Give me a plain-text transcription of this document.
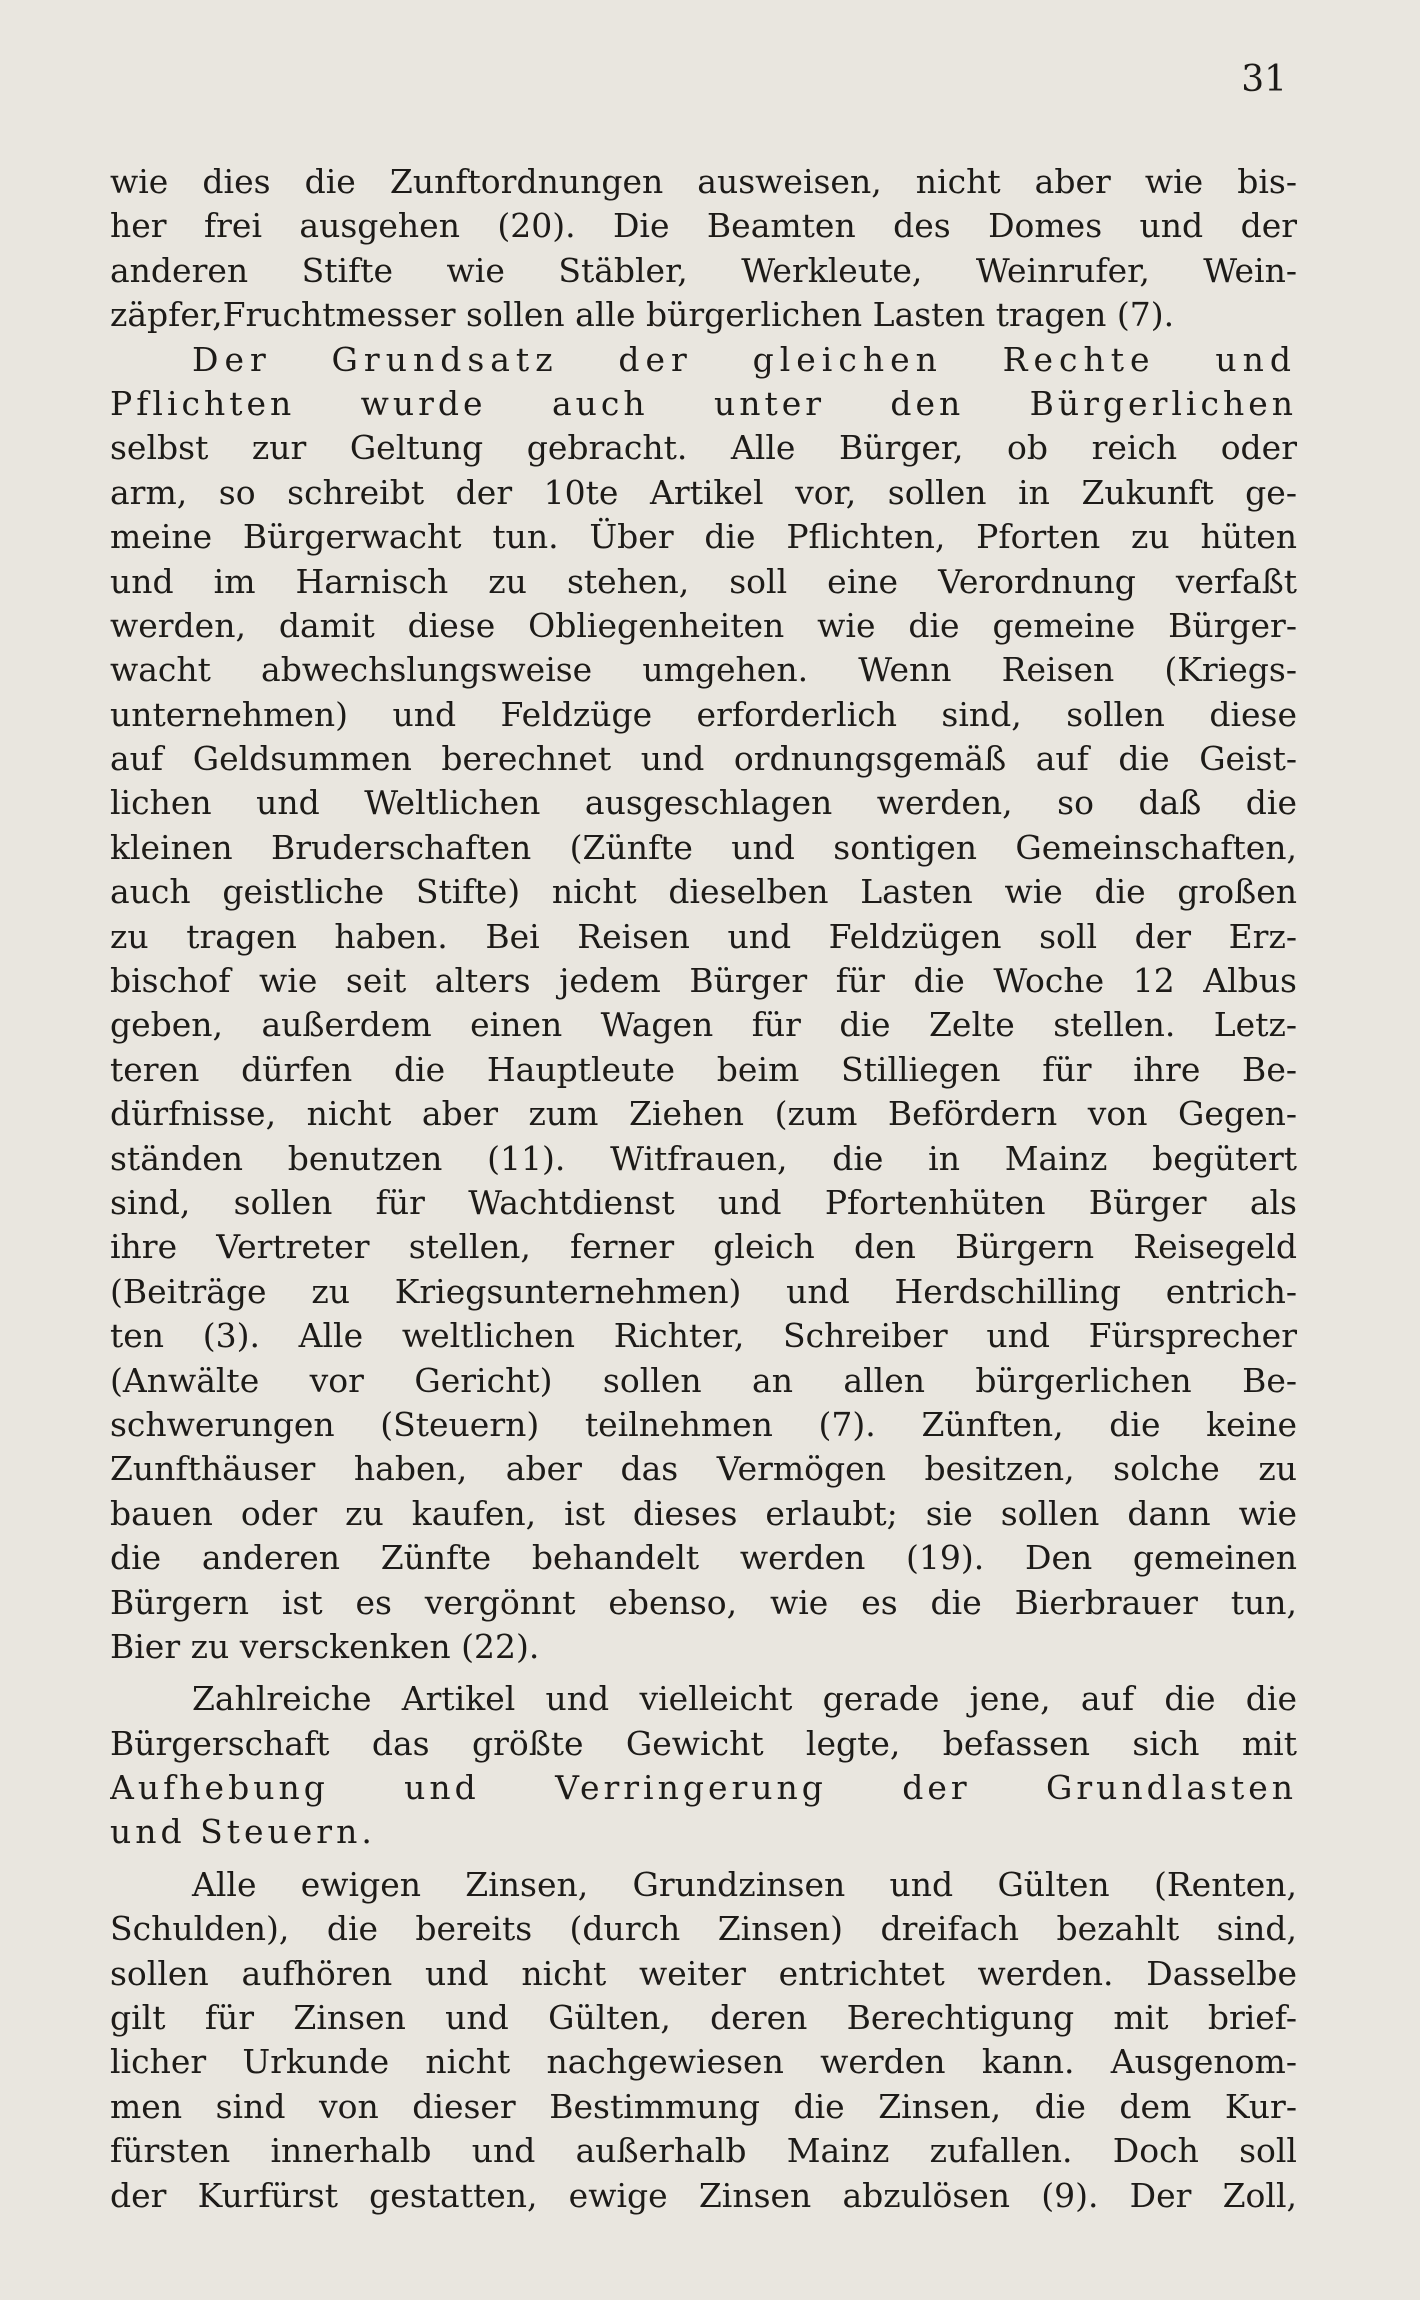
31
wie dies die Zunftordnungen ausweisen, nicht aber wie bis-
her frei ausgehen (20). Die Beamten des Domes und der
anderen Stifte wie Stäbler, Werkleute, Weinrufer, Wein-
zäpfer,Fruchtmesser sollen alle bürgerlichen Lasten tragen (7).
Der Grundsatz der gleichen Rechte und
Pflichten wurde auch unter den Bürgerlichen
selbst zur Geltung gebracht. Alle Bürger, ob reich oder
arm, so schreibt der 10te Artikel vor, sollen in Zukunft ge-
meine Bürgerwacht tun. Über die Pflichten, Pforten zu hüten
und im Harnisch zu stehen, soll eine Verordnung verfaßt
werden, damit diese Obliegenheiten wie die gemeine Bürger-
wacht abwechslungsweise umgehen. Wenn Reisen (Kriegs-
unternehmen) und Feldzüge erforderlich sind, sollen diese
auf Geldsummen berechnet und ordnungsgemäß auf die Geist-
lichen und Weltlichen ausgeschlagen werden, so daß die
kleinen Bruderschaften (Zünfte und sontigen Gemeinschaften,
auch geistliche Stifte) nicht dieselben Lasten wie die großen
zu tragen haben. Bei Reisen und Feldzügen soll der Erz-
bischof wie seit alters jedem Bürger für die Woche 12 Albus
geben, außerdem einen Wagen für die Zelte stellen. Letz-
teren dürfen die Hauptleute beim Stilliegen für ihre Be-
dürfnisse, nicht aber zum Ziehen (zum Befördern von Gegen-
ständen benutzen (11). Witfrauen, die in Mainz begütert
sind, sollen für Wachtdienst und Pfortenhüten Bürger als
ihre Vertreter stellen, ferner gleich den Bürgern Reisegeld
(Beiträge zu Kriegsunternehmen) und Herdschilling entrich-
ten (3). Alle weltlichen Richter, Schreiber und Fürsprecher
(Anwälte vor Gericht) sollen an allen bürgerlichen Be-
schwerungen (Steuern) teilnehmen (7). Zünften, die keine
Zunfthäuser haben, aber das Vermögen besitzen, solche zu
bauen oder zu kaufen, ist dieses erlaubt; sie sollen dann wie
die anderen Zünfte behandelt werden (19). Den gemeinen
Bürgern ist es vergönnt ebenso, wie es die Bierbrauer tun,
Bier zu versckenken (22).
Zahlreiche Artikel und vielleicht gerade jene, auf die die
Bürgerschaft das größte Gewicht legte, befassen sich mit
Aufhebung und Verringerung der Grundlasten
und Steuern.
Alle ewigen Zinsen, Grundzinsen und Gülten (Renten,
Schulden), die bereits (durch Zinsen) dreifach bezahlt sind,
sollen aufhören und nicht weiter entrichtet werden. Dasselbe
gilt für Zinsen und Gülten, deren Berechtigung mit brief-
licher Urkunde nicht nachgewiesen werden kann. Ausgenom-
men sind von dieser Bestimmung die Zinsen, die dem Kur-
fürsten innerhalb und außerhalb Mainz zufallen. Doch soll
der Kurfürst gestatten, ewige Zinsen abzulösen (9). Der Zoll,
